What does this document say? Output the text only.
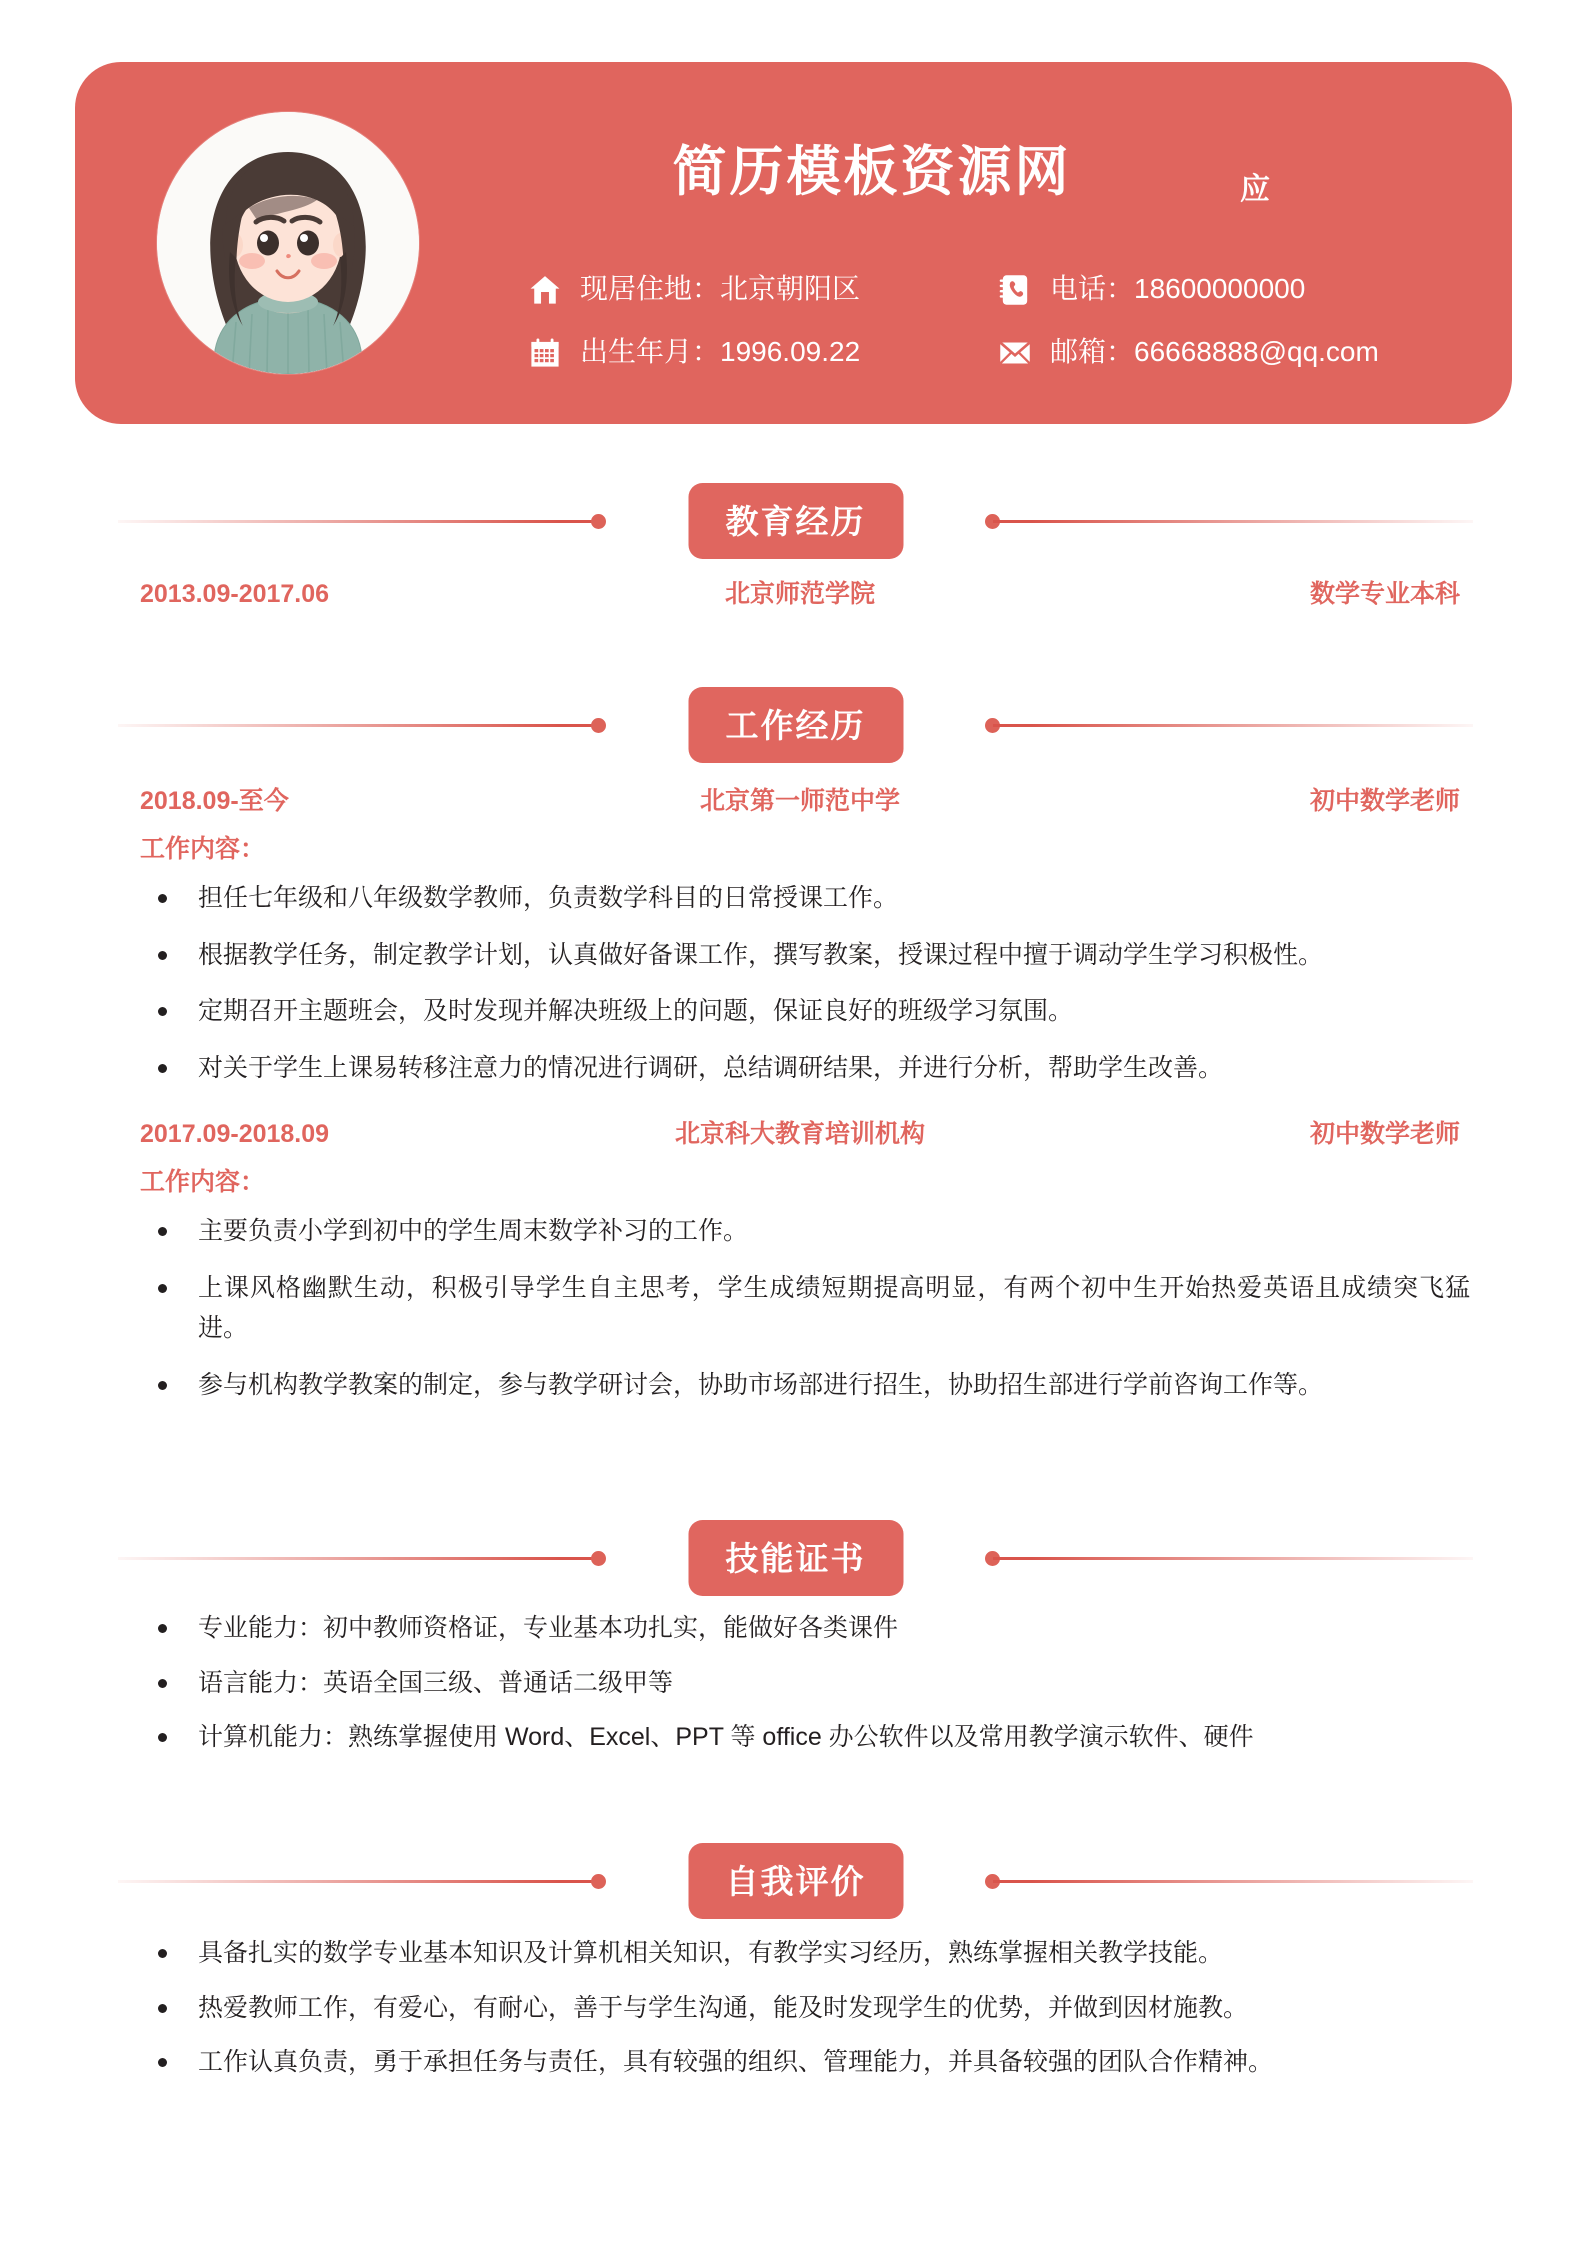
简历模板资源网	应
现居住地：北京朝阳区	电话：18600000000
出生年月：1996.09.22	邮箱：66668888@qq.com
教育经历
2013.09-2017.06	北京师范学院	数学专业本科
工作经历
2018.09-至今	北京第一师范中学	初中数学老师
工作内容：
担任七年级和八年级数学教师，负责数学科目的日常授课工作。
根据教学任务，制定教学计划，认真做好备课工作，撰写教案，授课过程中擅于调动学生学习积极性。
定期召开主题班会，及时发现并解决班级上的问题，保证良好的班级学习氛围。
对关于学生上课易转移注意力的情况进行调研，总结调研结果，并进行分析，帮助学生改善。
2017.09-2018.09	北京科大教育培训机构	初中数学老师
工作内容：
主要负责小学到初中的学生周末数学补习的工作。
上课风格幽默生动，积极引导学生自主思考，学生成绩短期提高明显，有两个初中生开始热爱英语且成绩突飞猛进。
参与机构教学教案的制定，参与教学研讨会，协助市场部进行招生，协助招生部进行学前咨询工作等。
技能证书
专业能力：初中教师资格证，专业基本功扎实，能做好各类课件
语言能力：英语全国三级、普通话二级甲等
计算机能力：熟练掌握使用 Word、Excel、PPT 等 office 办公软件以及常用教学演示软件、硬件
自我评价
具备扎实的数学专业基本知识及计算机相关知识，有教学实习经历，熟练掌握相关教学技能。
热爱教师工作，有爱心，有耐心，善于与学生沟通，能及时发现学生的优势，并做到因材施教。
工作认真负责，勇于承担任务与责任，具有较强的组织、管理能力，并具备较强的团队合作精神。
